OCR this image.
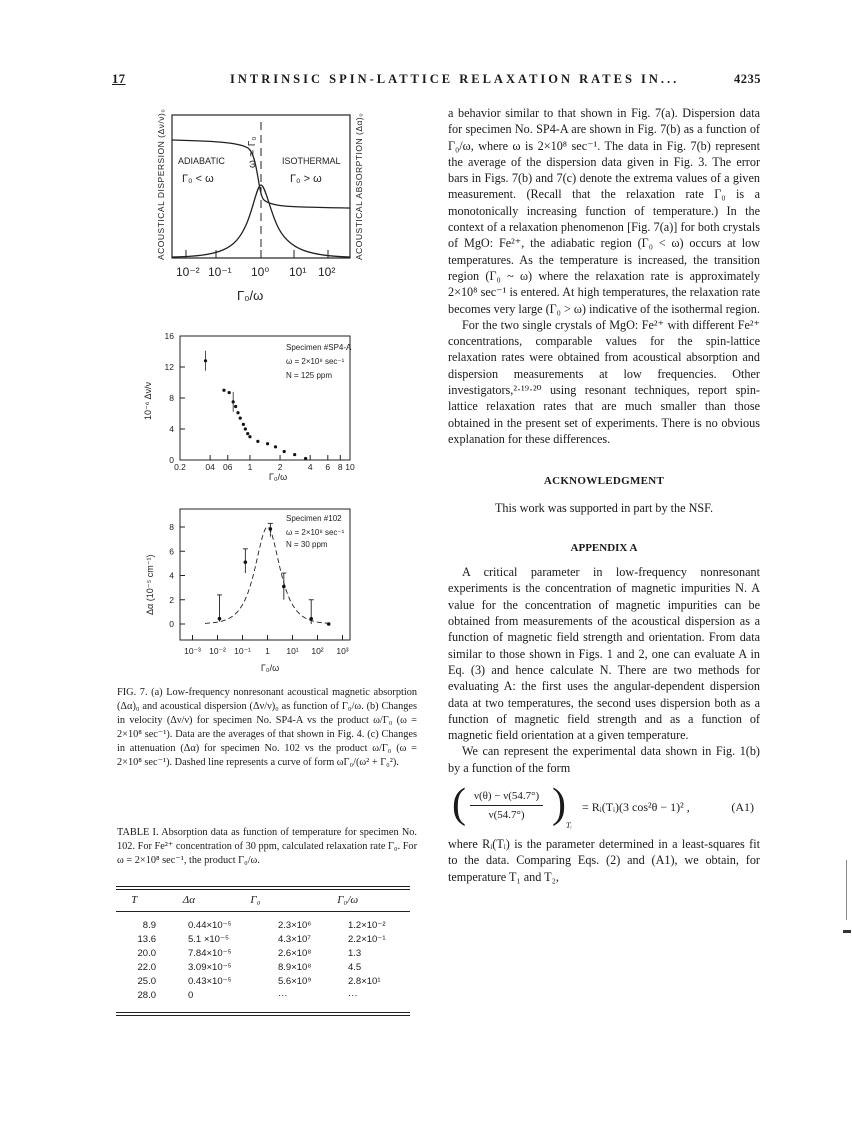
17	INTRINSIC SPIN-LATTICE RELAXATION RATES IN...	4235
ACOUSTICAL DISPERSION (Δν/ν)₀	ACOUSTICAL ABSORPTION (Δα)₀
ω ≃ Γ₀
ADIABATIC
Γ₀ < ω
ISOTHERMAL
Γ₀ > ω
10⁻² 10⁻¹ 10⁰ 10¹ 10²
Γ₀/ω
0.2 04 06 1	2	4 6 8 10
0
4
8
12
16
Specimen #SP4-A
ω = 2×10⁸ sec⁻¹
N = 125 ppm
10⁻⁶ Δν/ν
Γ₀/ω
10⁻³ 10⁻² 10⁻¹ 1 10¹ 10² 10³
0
2
4
6
8
Specimen #102
ω = 2×10⁸ sec⁻¹
N = 30 ppm
Δα (10⁻⁵ cm⁻¹)
Γ₀/ω

FIG. 7. (a) Low-frequency nonresonant acoustical magnetic absorption (Δα)₀ and acoustical dispersion (Δν/ν)₀ as function of Γ₀/ω. (b) Changes in velocity (Δν/ν) for specimen No. SP4-A vs the product ω/Γ₀ (ω = 2×10⁸ sec⁻¹). Data are the averages of that shown in Fig. 4. (c) Changes in attenuation (Δα) for specimen No. 102 vs the product ω/Γ₀ (ω = 2×10⁸ sec⁻¹). Dashed line represents a curve of form ωΓ₀/(ω² + Γ₀²).

TABLE I. Absorption data as function of temperature for specimen No. 102. For Fe²⁺ concentration of 30 ppm, calculated relaxation rate Γ₀. For ω = 2×10⁸ sec⁻¹, the product Γ₀/ω.

T	Δα	Γ₀	Γ₀/ω
8.9	0.44×10⁻⁵	2.3×10⁶	1.2×10⁻²
13.6	5.1 ×10⁻⁵	4.3×10⁷	2.2×10⁻¹
20.0	7.84×10⁻⁵	2.6×10⁸	1.3
22.0	3.09×10⁻⁵	8.9×10⁸	4.5
25.0	0.43×10⁻⁵	5.6×10⁹	2.8×10¹
28.0	0	···	···

a behavior similar to that shown in Fig. 7(a). Dispersion data for specimen No. SP4-A are shown in Fig. 7(b) as a function of Γ₀/ω, where ω is 2×10⁸ sec⁻¹. The data in Fig. 7(b) represent the average of the dispersion data given in Fig. 3. The error bars in Figs. 7(b) and 7(c) denote the extrema values of a given measurement. (Recall that the relaxation rate Γ₀ is a monotonically increasing function of temperature.) In the context of a relaxation phenomenon [Fig. 7(a)] for both crystals of MgO: Fe²⁺, the adiabatic region (Γ₀ < ω) occurs at low temperatures. As the temperature is increased, the transition region (Γ₀ ~ ω) where the relaxation rate is approximately 2×10⁸ sec⁻¹ is entered. At high temperatures, the relaxation rate becomes very large (Γ₀ > ω) indicative of the isothermal region.

For the two single crystals of MgO: Fe²⁺ with different Fe²⁺ concentrations, comparable values for the spin-lattice relaxation rates were obtained from acoustical absorption and dispersion measurements at low frequencies. Other investigators,²·¹⁹·²⁰ using resonant techniques, report spin-lattice relaxation rates that are much smaller than those obtained in the present set of experiments. There is no obvious explanation for these differences.

ACKNOWLEDGMENT

This work was supported in part by the NSF.

APPENDIX A

A critical parameter in low-frequency nonresonant experiments is the concentration of magnetic impurities N. A value for the concentration of magnetic impurities can be obtained from measurements of the acoustical dispersion as a function of magnetic field strength and orientation. From data similar to those shown in Figs. 1 and 2, one can evaluate A in Eq. (3) and hence calculate N. There are two methods for evaluating A: the first uses the angular-dependent dispersion data at two temperatures, the second uses dispersion both as a function of magnetic field strength and as a function of magnetic field orientation at a given temperature.

We can represent the experimental data shown in Fig. 1(b) by a function of the form

( $\frac{\nu(\theta) - \nu(54.7^\circ)}{\nu(54.7^\circ)}$ ) Tᵢ
= Rᵢ(Tᵢ)(3 cos²θ − 1)² ,	(A1)

where Rᵢ(Tᵢ) is the parameter determined in a least-squares fit to the data. Comparing Eqs. (2) and (A1), we obtain, for temperature T₁ and T₂,
